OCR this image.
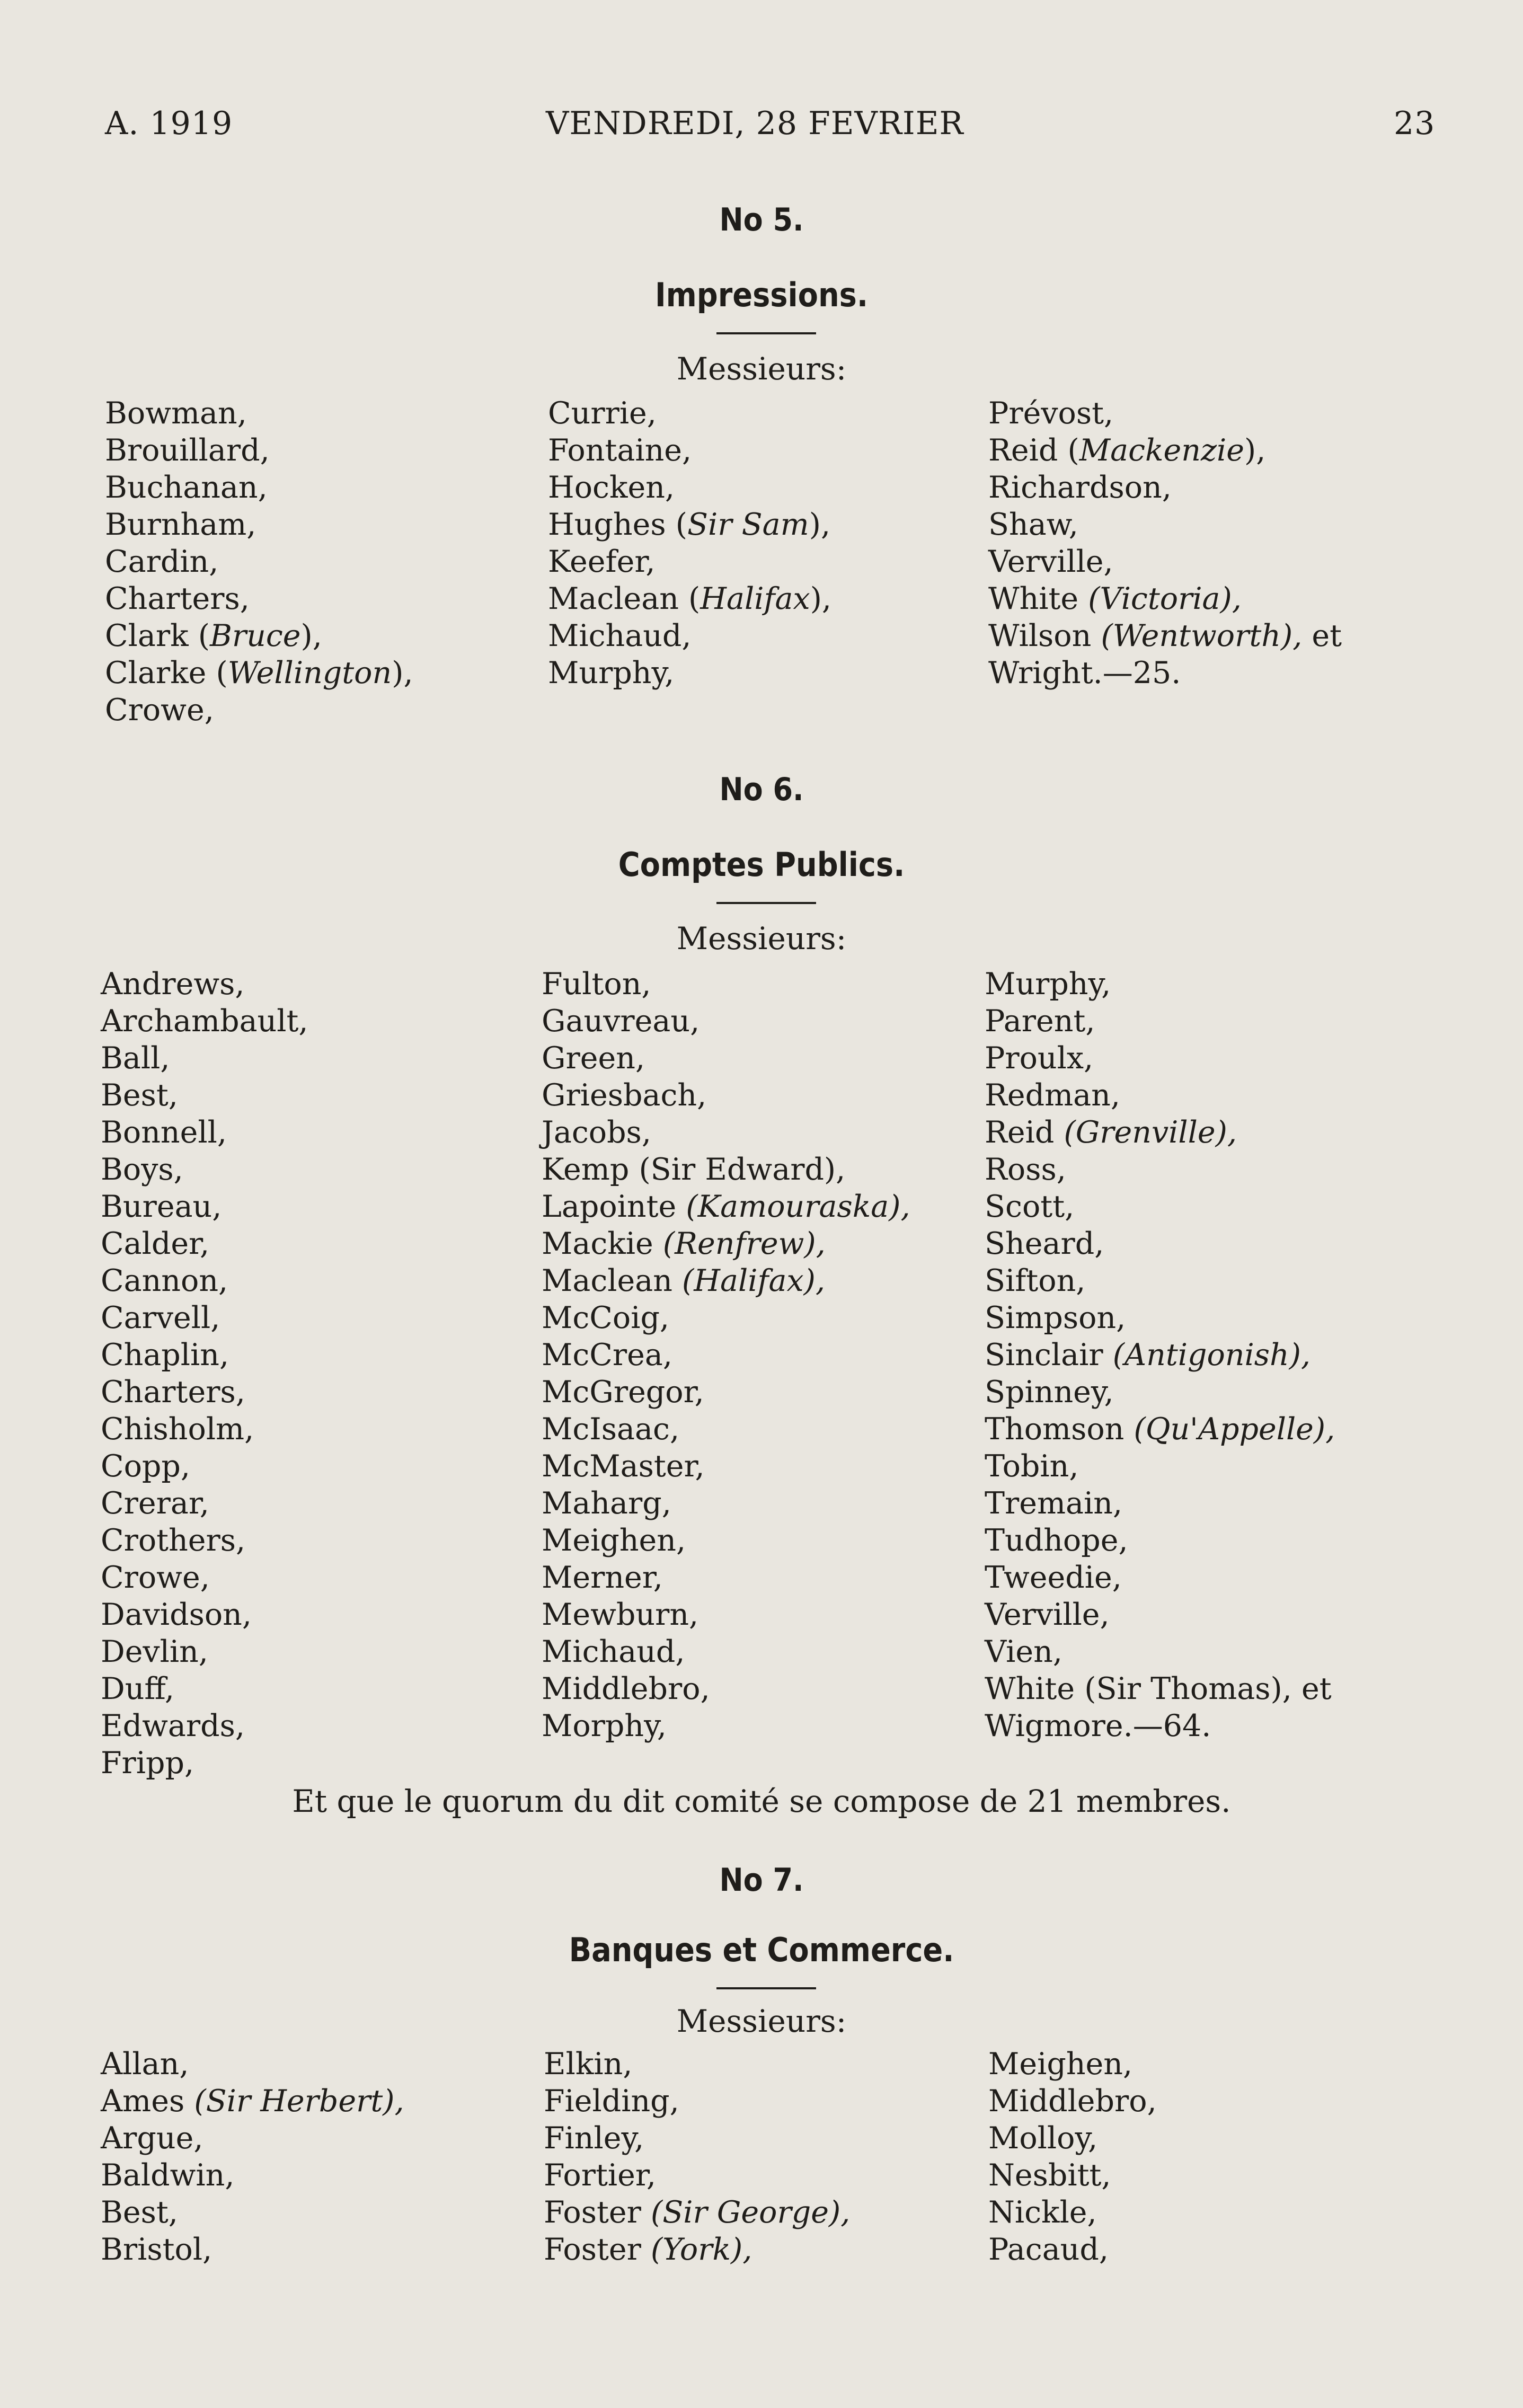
A. 1919	VENDREDI, 28 FEVRIER	23
No 5.
Impressions.
Messieurs:
Bowman,
Brouillard,
Buchanan,
Burnham,
Cardin,
Charters,
Clark (Bruce),
Clarke (Wellington),
Crowe,
Currie,
Fontaine,
Hocken,
Hughes (Sir Sam),
Keefer,
Maclean (Halifax),
Michaud,
Murphy,
Prévost,
Reid (Mackenzie),
Richardson,
Shaw,
Verville,
White (Victoria),
Wilson (Wentworth), et
Wright.—25.
No 6.
Comptes Publics.
Messieurs:
Andrews,
Archambault,
Ball,
Best,
Bonnell,
Boys,
Bureau,
Calder,
Cannon,
Carvell,
Chaplin,
Charters,
Chisholm,
Copp,
Crerar,
Crothers,
Crowe,
Davidson,
Devlin,
Duff,
Edwards,
Fripp,
Fulton,
Gauvreau,
Green,
Griesbach,
Jacobs,
Kemp (Sir Edward),
Lapointe (Kamouraska),
Mackie (Renfrew),
Maclean (Halifax),
McCoig,
McCrea,
McGregor,
McIsaac,
McMaster,
Maharg,
Meighen,
Merner,
Mewburn,
Michaud,
Middlebro,
Morphy,
Murphy,
Parent,
Proulx,
Redman,
Reid (Grenville),
Ross,
Scott,
Sheard,
Sifton,
Simpson,
Sinclair (Antigonish),
Spinney,
Thomson (Qu'Appelle),
Tobin,
Tremain,
Tudhope,
Tweedie,
Verville,
Vien,
White (Sir Thomas), et
Wigmore.—64.
Et que le quorum du dit comité se compose de 21 membres.
No 7.
Banques et Commerce.
Messieurs:
Allan,
Ames (Sir Herbert),
Argue,
Baldwin,
Best,
Bristol,
Elkin,
Fielding,
Finley,
Fortier,
Foster (Sir George),
Foster (York),
Meighen,
Middlebro,
Molloy,
Nesbitt,
Nickle,
Pacaud,
